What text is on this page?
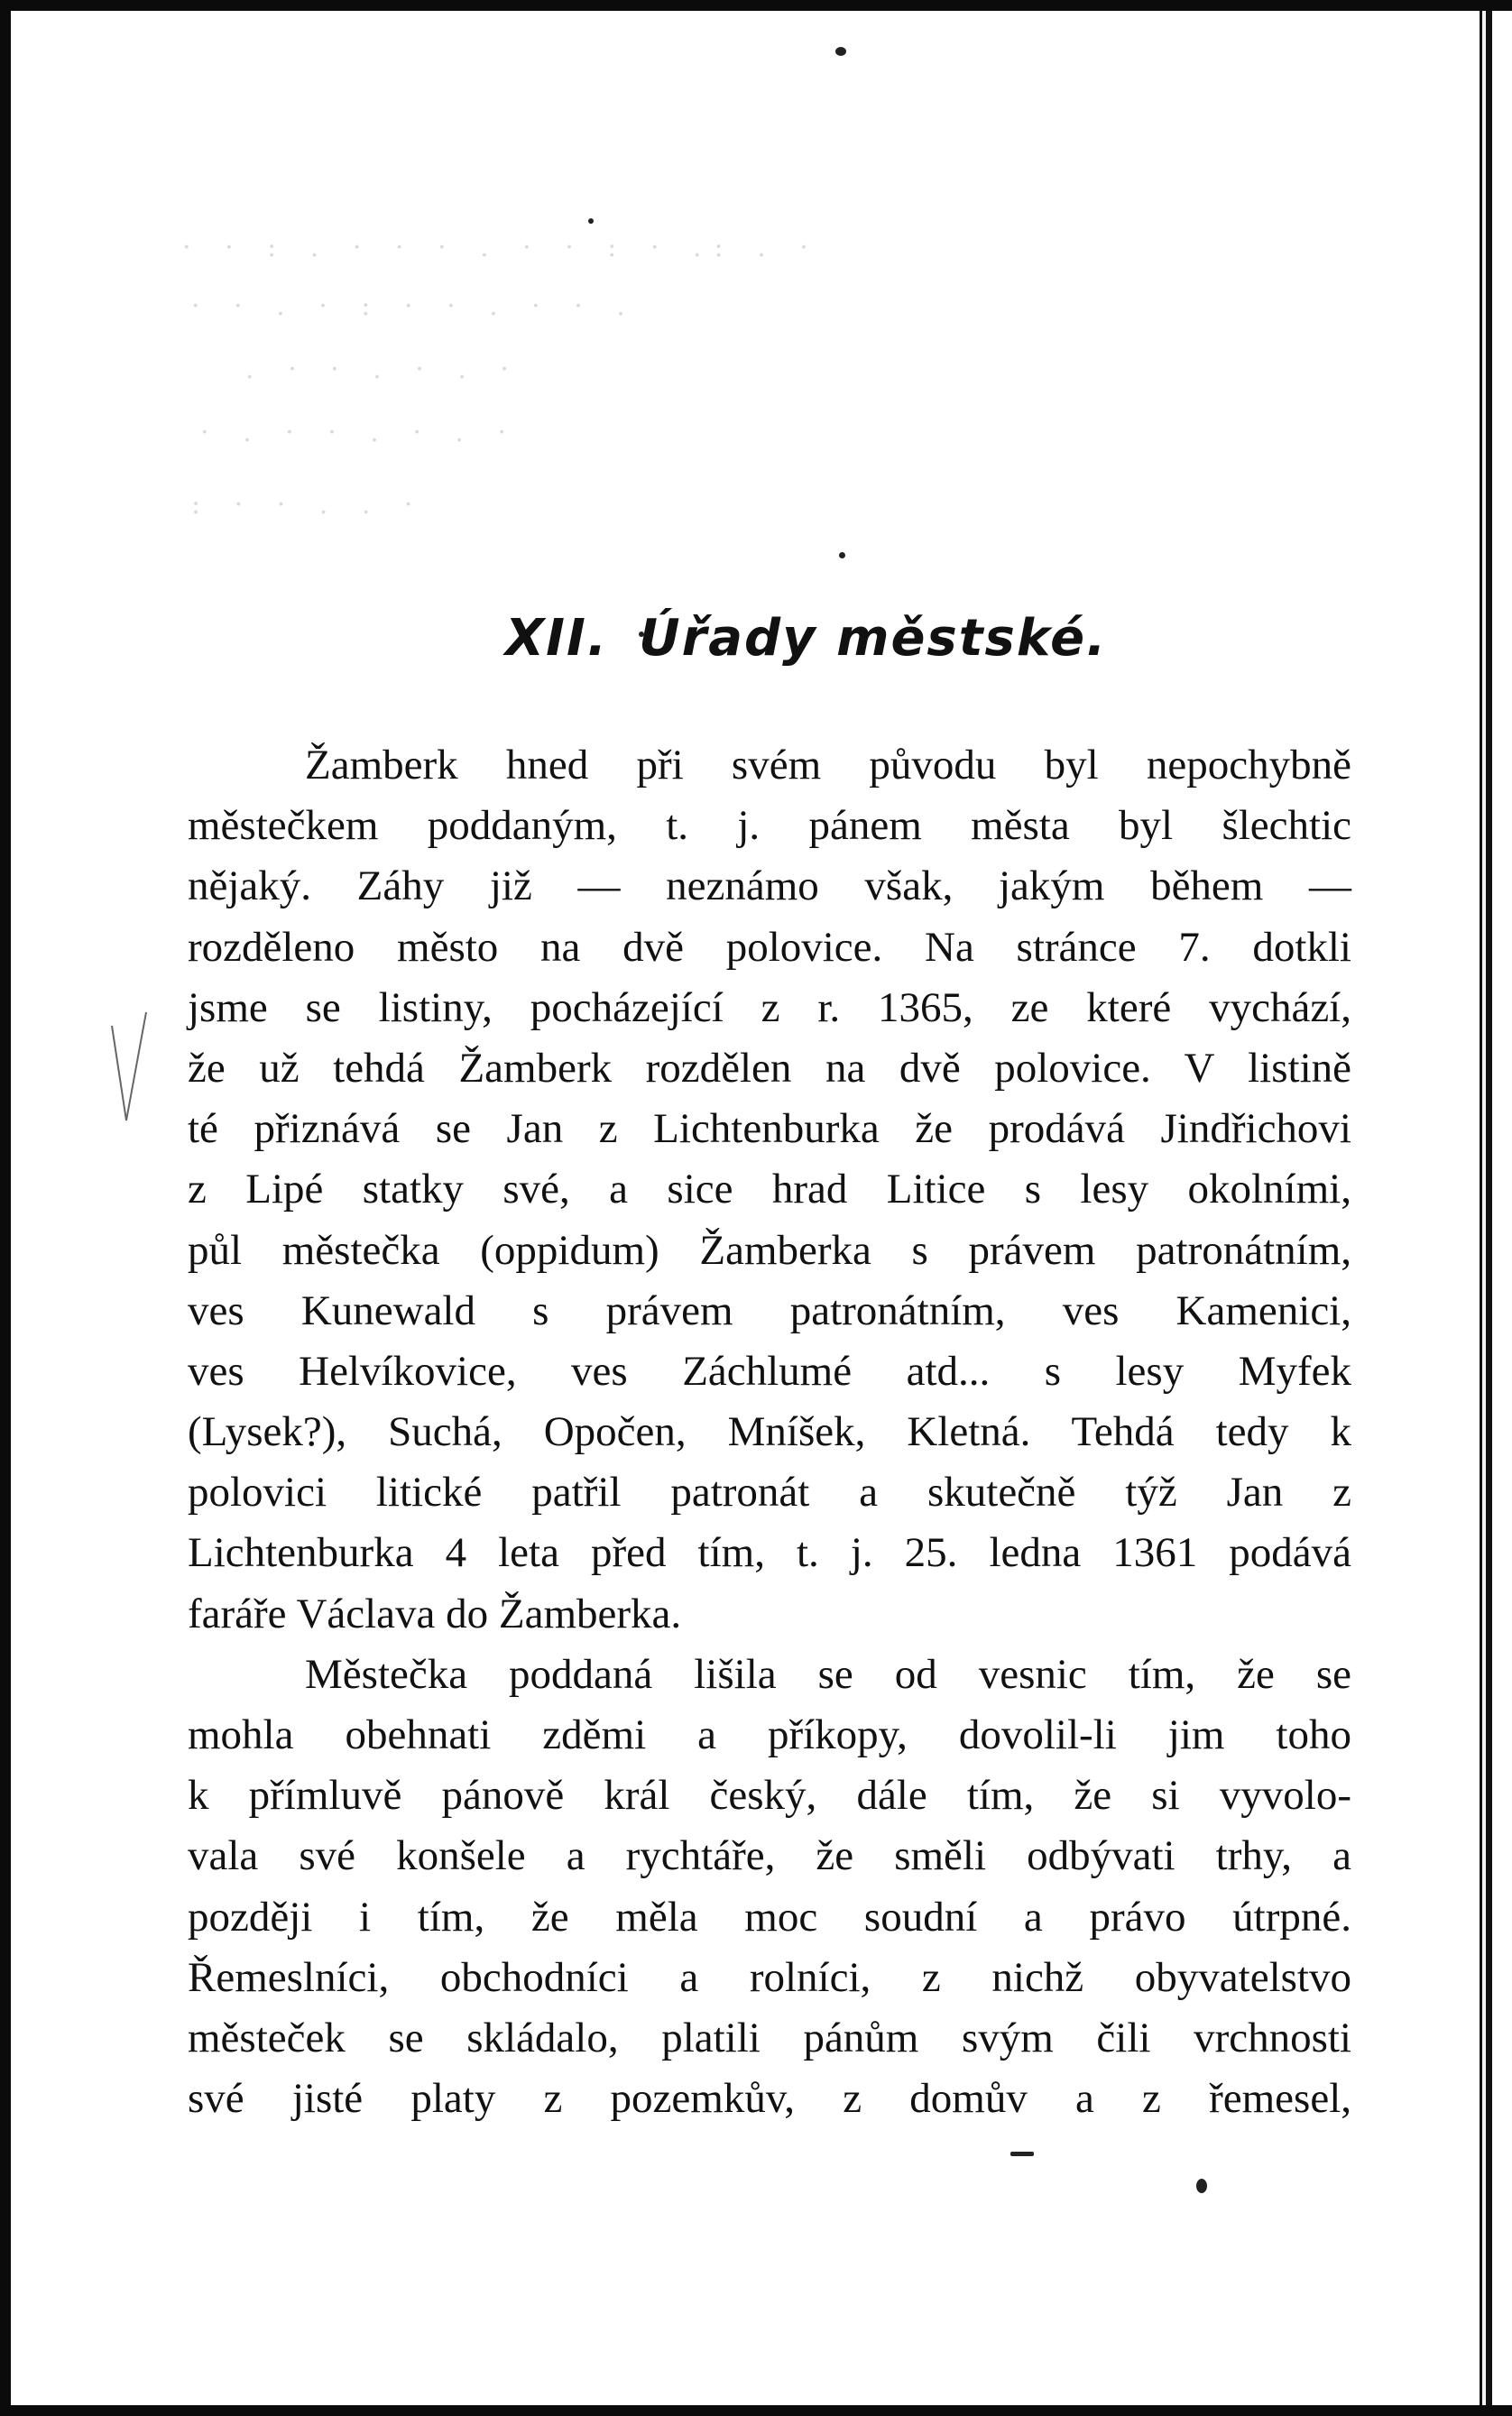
· · : . · · · . · · : · .: . ·
· · . · : · · . · · .
. · · . · . ·
· . · · . · . ·
: · · . . ·
XII. Úřady městské.
Žamberk hned při svém původu byl nepochybně
městečkem poddaným, t. j. pánem města byl šlechtic
nějaký. Záhy již — neznámo však, jakým během —
rozděleno město na dvě polovice. Na stránce 7. dotkli
jsme se listiny, pocházející z r. 1365, ze které vychází,
že už tehdá Žamberk rozdělen na dvě polovice. V listině
té přiznává se Jan z Lichtenburka že prodává Jindřichovi
z Lipé statky své, a sice hrad Litice s lesy okolními,
půl městečka (oppidum) Žamberka s právem patronátním,
ves Kunewald s právem patronátním, ves Kamenici,
ves Helvíkovice, ves Záchlumé atd... s lesy Myfek
(Lysek?), Suchá, Opočen, Mníšek, Kletná. Tehdá tedy k
polovici litické patřil patronát a skutečně týž Jan z
Lichtenburka 4 leta před tím, t. j. 25. ledna 1361 podává
faráře Václava do Žamberka.
Městečka poddaná lišila se od vesnic tím, že se
mohla obehnati zděmi a příkopy, dovolil-li jim toho
k přímluvě pánově král český, dále tím, že si vyvolo-
vala své konšele a rychtáře, že směli odbývati trhy, a
později i tím, že měla moc soudní a právo útrpné.
Řemeslníci, obchodníci a rolníci, z nichž obyvatelstvo
městeček se skládalo, platili pánům svým čili vrchnosti
své jisté platy z pozemkův, z domův a z řemesel,
